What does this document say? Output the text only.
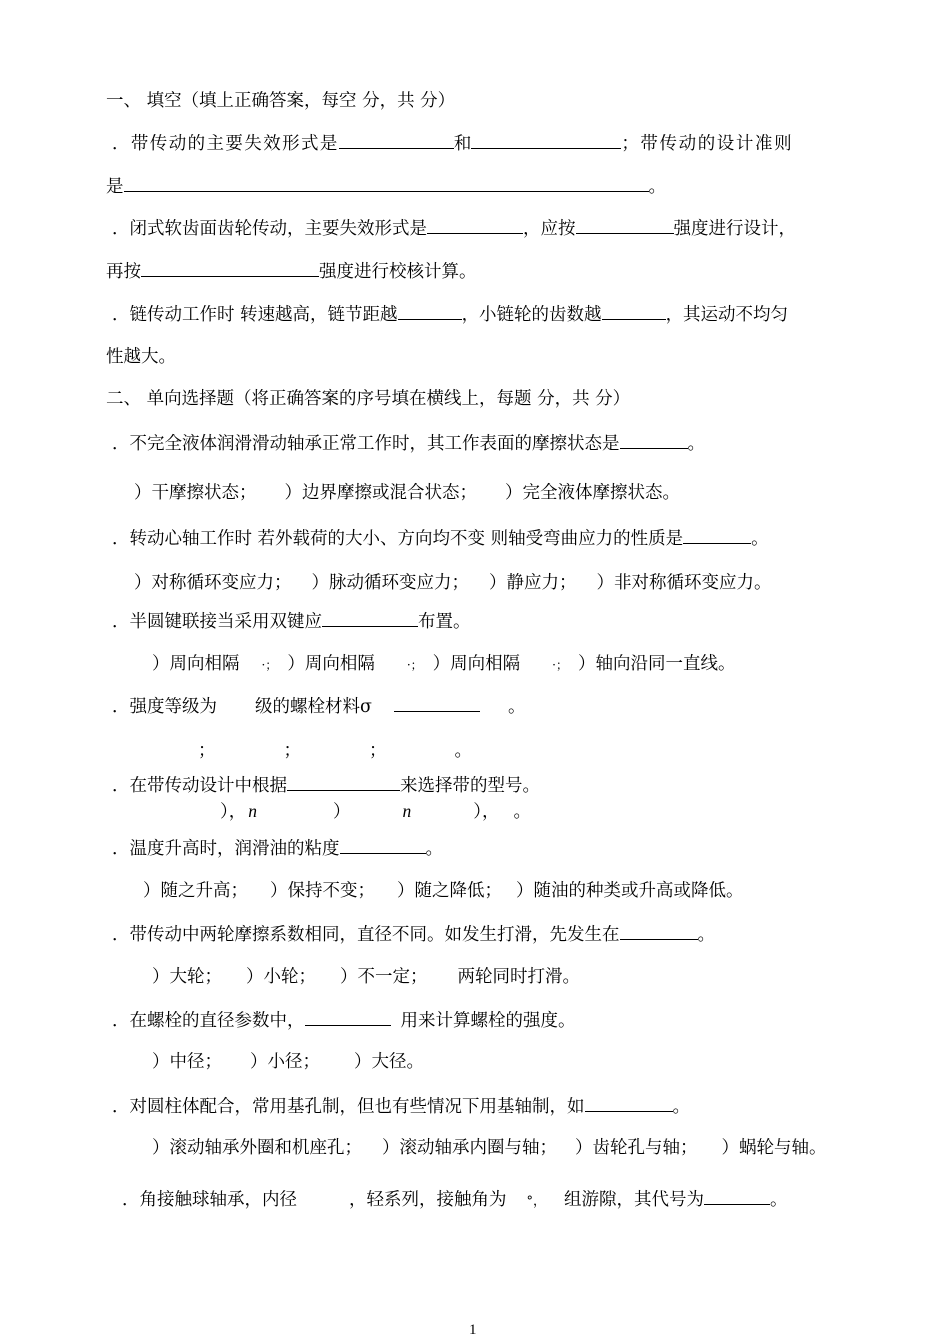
一、 填空（填上正确答案，每空 分，共 分）
．带传动的主要失效形式是	和	；带传动的设计准则
是	。
．闭式软齿面齿轮传动，主要失效形式是	，应按	强度进行设计，
再按	强度进行校核计算。
．链传动工作时 转速越高，链节距越	，小链轮的齿数越	，其运动不均匀
性越大。
二、 单向选择题（将正确答案的序号填在横线上，每题 分，共 分）
．不完全液体润滑滑动轴承正常工作时，其工作表面的摩擦状态是	。
）干摩擦状态； ）边界摩擦或混合状态； ）完全液体摩擦状态。
．转动心轴工作时 若外载荷的大小、方向均不变 则轴受弯曲应力的性质是	。
）对称循环变应力； ）脉动循环变应力； ）静应力； ）非对称循环变应力。
．半圆键联接当采用双键应	布置。
）周向相隔 ·； ）周向相隔	·； ）周向相隔	·； ）轴向沿同一直线。
．强度等级为 级的螺栓材料σ	。
；	；	；	。
．在带传动设计中根据	来选择带的型号。
）， n	）	n	）， 。
．温度升高时，润滑油的粘度	。
）随之升高； ）保持不变； ）随之降低； ）随油的种类或升高或降低。
．带传动中两轮摩擦系数相同，直径不同。如发生打滑，先发生在	。
）大轮； ）小轮； ）不一定； 两轮同时打滑。
．在螺栓的直径参数中，	用来计算螺栓的强度。
）中径； ）小径； ）大径。
．对圆柱体配合，常用基孔制，但也有些情况下用基轴制，如	。
）滚动轴承外圈和机座孔； ）滚动轴承内圈与轴； ）齿轮孔与轴； ）蜗轮与轴。
．角接触球轴承，内径	，轻系列，接触角为 °， 组游隙，其代号为	。
1
